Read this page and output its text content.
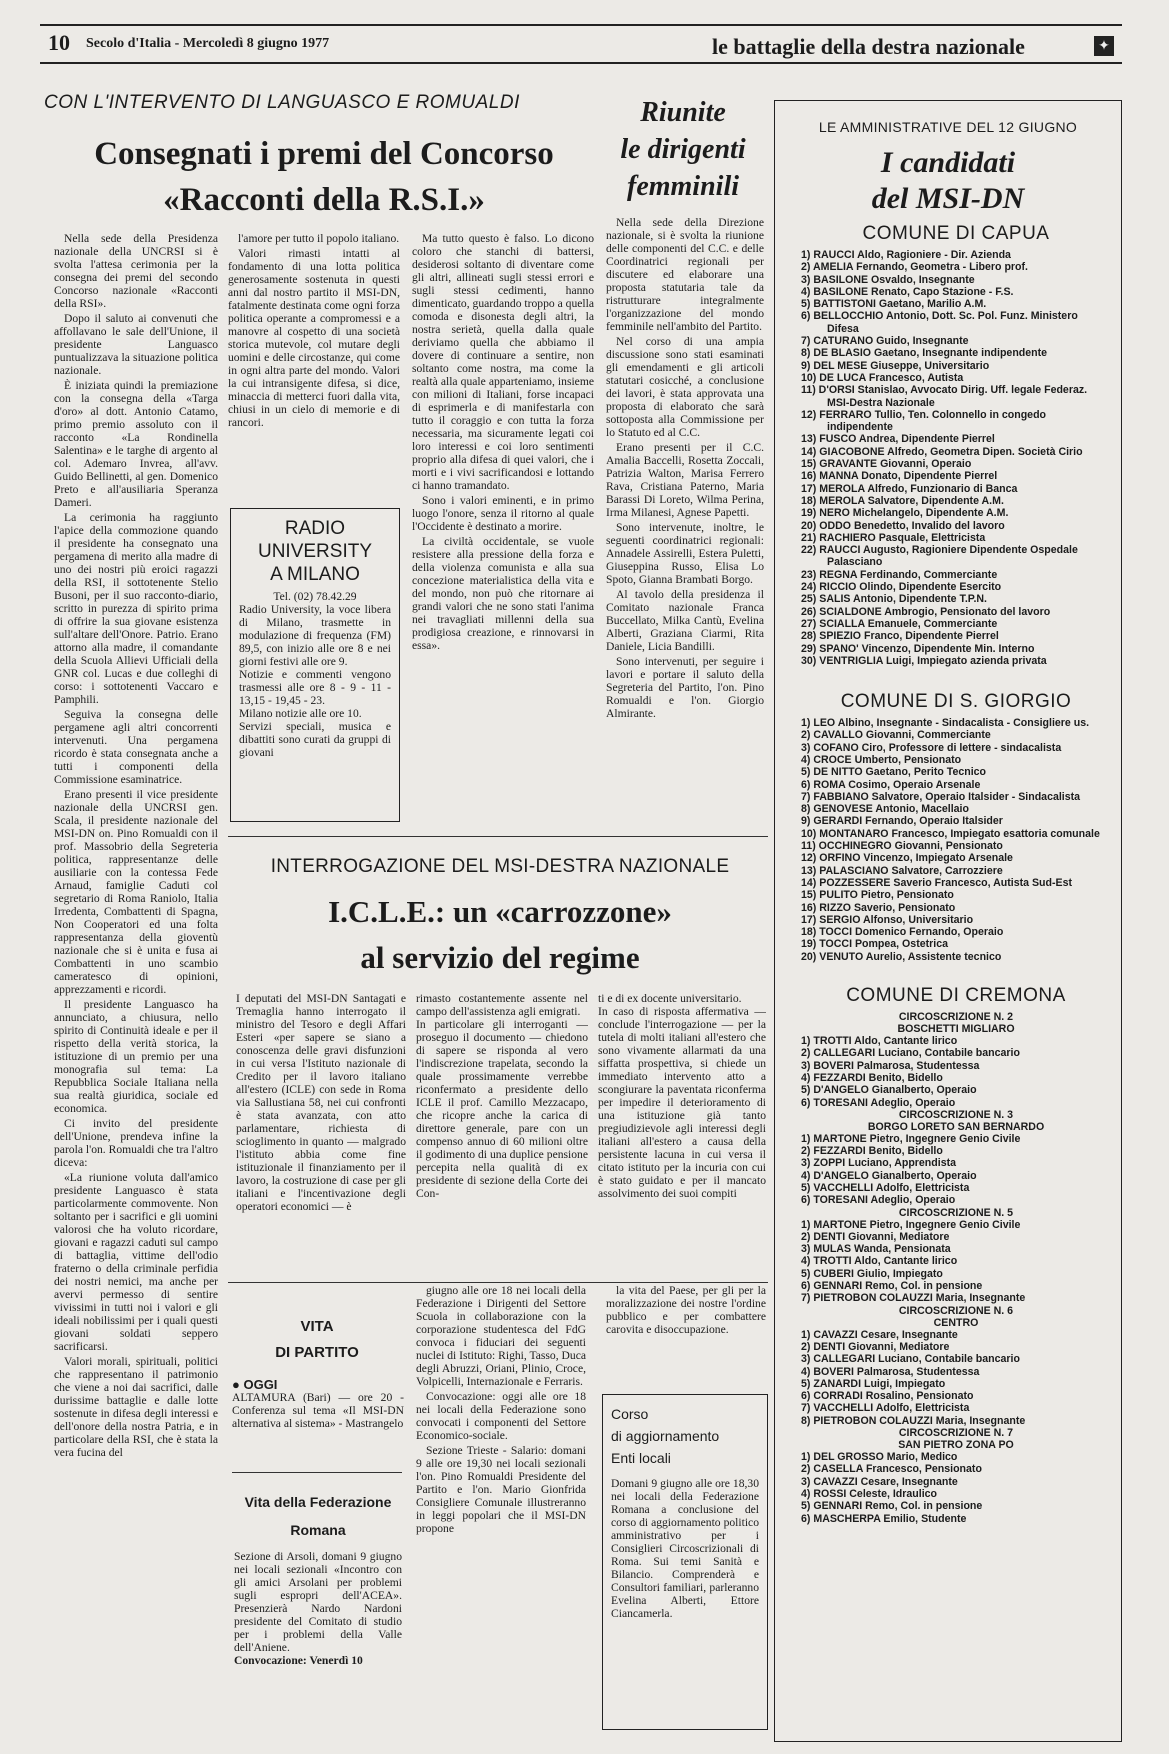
10 Secolo d'Italia - Mercoledì 8 giugno 1977	le battaglie della destra nazionale	✦
CON L'INTERVENTO DI LANGUASCO E ROMUALDI
Consegnati i premi del Concorso
«Racconti della R.S.I.»

Nella sede della Presidenza nazionale della UNCRSI si è svolta l'attesa cerimonia per la consegna dei premi del secondo Concorso nazionale «Racconti della RSI».

Dopo il saluto ai convenuti che affollavano le sale dell'Unione, il presidente Languasco puntualizzava la situazione politica nazionale.

È iniziata quindi la premiazione con la consegna della «Targa d'oro» al dott. Antonio Catamo, primo premio assoluto con il racconto «La Rondinella Salentina» e le targhe di argento al col. Ademaro Invrea, all'avv. Guido Bellinetti, al gen. Domenico Preto e all'ausiliaria Speranza Dameri.

La cerimonia ha raggiunto l'apice della commozione quando il presidente ha consegnato una pergamena di merito alla madre di uno dei nostri più eroici ragazzi della RSI, il sottotenente Stelio Busoni, per il suo racconto-diario, scritto in purezza di spirito prima di offrire la sua giovane esistenza sull'altare dell'Onore. Patrio. Erano attorno alla madre, il comandante della Scuola Allievi Ufficiali della GNR col. Lucas e due colleghi di corso: i sottotenenti Vaccaro e Pamphili.

Seguiva la consegna delle pergamene agli altri concorrenti intervenuti. Una pergamena ricordo è stata consegnata anche a tutti i componenti della Commissione esaminatrice.

Erano presenti il vice presidente nazionale della UNCRSI gen. Scala, il presidente nazionale del MSI-DN on. Pino Romualdi con il prof. Massobrio della Segreteria politica, rappresentanze delle ausiliarie con la contessa Fede Arnaud, famiglie Caduti col segretario di Roma Raniolo, Italia Irredenta, Combattenti di Spagna, Non Cooperatori ed una folta rappresentanza della gioventù nazionale che si è unita e fusa ai Combattenti in uno scambio cameratesco di opinioni, apprezzamenti e ricordi.

Il presidente Languasco ha annunciato, a chiusura, nello spirito di Continuità ideale e per il rispetto della verità storica, la istituzione di un premio per una monografia sul tema: La Repubblica Sociale Italiana nella sua realtà giuridica, sociale ed economica.

Ci invito del presidente dell'Unione, prendeva infine la parola l'on. Romualdi che tra l'altro diceva:

«La riunione voluta dall'amico presidente Languasco è stata particolarmente commovente. Non soltanto per i sacrifici e gli uomini valorosi che ha voluto ricordare, giovani e ragazzi caduti sul campo di battaglia, vittime dell'odio fraterno o della criminale perfidia dei nostri nemici, ma anche per avervi permesso di sentire vivissimi in tutti noi i valori e gli ideali nobilissimi per i quali questi giovani soldati seppero sacrificarsi.

Valori morali, spirituali, politici che rappresentano il patrimonio che viene a noi dai sacrifici, dalle durissime battaglie e dalle lotte sostenute in difesa degli interessi e dell'onore della nostra Patria, e in particolare della RSI, che è stata la vera fucina del

l'amore per tutto il popolo italiano.

Valori rimasti intatti al fondamento di una lotta politica generosamente sostenuta in questi anni dal nostro partito il MSI-DN, fatalmente destinata come ogni forza politica operante a compromessi e a manovre al cospetto di una società storica mutevole, col mutare degli uomini e delle circostanze, qui come in ogni altra parte del mondo. Valori la cui intransigente difesa, si dice, minaccia di metterci fuori dalla vita, chiusi in un cielo di memorie e di rancori.

Ma tutto questo è falso. Lo dicono coloro che stanchi di battersi, desiderosi soltanto di diventare come gli altri, allineati sugli stessi errori e sugli stessi cedimenti, hanno dimenticato, guardando troppo a quella comoda e disonesta degli altri, la nostra serietà, quella dalla quale deriviamo quella che abbiamo il dovere di continuare a sentire, non soltanto come nostra, ma come la realtà alla quale apparteniamo, insieme con milioni di Italiani, forse incapaci di esprimerla e di manifestarla con tutto il coraggio e con tutta la forza necessaria, ma sicuramente legati coi loro interessi e coi loro sentimenti proprio alla difesa di quei valori, che i morti e i vivi sacrificandosi e lottando ci hanno tramandato.

Sono i valori eminenti, e in primo luogo l'onore, senza il ritorno al quale l'Occidente è destinato a morire.

La civiltà occidentale, se vuole resistere alla pressione della forza e della violenza comunista e alla sua concezione materialistica della vita e del mondo, non può che ritornare ai grandi valori che ne sono stati l'anima nei travagliati millenni della sua prodigiosa creazione, e rinnovarsi in essa».

RADIO
UNIVERSITY
A MILANO
Tel. (02) 78.42.29
Radio University, la voce libera di Milano, trasmette in modulazione di frequenza (FM) 89,5, con inizio alle ore 8 e nei giorni festivi alle ore 9.
Notizie e commenti vengono trasmessi alle ore 8 - 9 - 11 - 13,15 - 19,45 - 23.
Milano notizie alle ore 10.
Servizi speciali, musica e dibattiti sono curati da gruppi di giovani
Riunite
le dirigenti
femminili

Nella sede della Direzione nazionale, si è svolta la riunione delle componenti del C.C. e delle Coordinatrici regionali per discutere ed elaborare una proposta statutaria tale da ristrutturare integralmente l'organizzazione del mondo femminile nell'ambito del Partito.

Nel corso di una ampia discussione sono stati esaminati gli emendamenti e gli articoli statutari cosicché, a conclusione dei lavori, è stata approvata una proposta di elaborato che sarà sottoposta alla Commissione per lo Statuto ed al C.C.

Erano presenti per il C.C. Amalia Baccelli, Rosetta Zoccali, Patrizia Walton, Marisa Ferrero Rava, Cristiana Paterno, Maria Barassi Di Loreto, Wilma Perina, Irma Milanesi, Agnese Papetti.

Sono intervenute, inoltre, le seguenti coordinatrici regionali: Annadele Assirelli, Estera Puletti, Giuseppina Russo, Elisa Lo Spoto, Gianna Brambati Borgo.

Al tavolo della presidenza il Comitato nazionale Franca Buccellato, Milka Cantù, Evelina Alberti, Graziana Ciarmi, Rita Daniele, Licia Bandilli.

Sono intervenuti, per seguire i lavori e portare il saluto della Segreteria del Partito, l'on. Pino Romualdi e l'on. Giorgio Almirante.

INTERROGAZIONE DEL MSI-DESTRA NAZIONALE
I.C.L.E.: un «carrozzone»
al servizio del regime
I deputati del MSI-DN Santagati e Tremaglia hanno interrogato il ministro del Tesoro e degli Affari Esteri «per sapere se siano a conoscenza delle gravi disfunzioni in cui versa l'Istituto nazionale di Credito per il lavoro italiano all'estero (ICLE) con sede in Roma via Sallustiana 58, nei cui confronti è stata avanzata, con atto parlamentare, richiesta di scioglimento in quanto — malgrado l'istituto abbia come fine istituzionale il finanziamento per il lavoro, la costruzione di case per gli italiani e l'incentivazione degli operatori economici — è
rimasto costantemente assente nel campo dell'assistenza agli emigrati.
In particolare gli interroganti — proseguo il documento — chiedono di sapere se risponda al vero l'indiscrezione trapelata, secondo la quale prossimamente verrebbe riconfermato a presidente dello ICLE il prof. Camillo Mezzacapo, che ricopre anche la carica di direttore generale, pare con un compenso annuo di 60 milioni oltre il godimento di una duplice pensione percepita nella qualità di ex presidente di sezione della Corte dei Con-
ti e di ex docente universitario.
In caso di risposta affermativa — conclude l'interrogazione — per la tutela di molti italiani all'estero che sono vivamente allarmati da una siffatta prospettiva, si chiede un immediato intervento atto a scongiurare la paventata riconferma per impedire il deterioramento di una istituzione già tanto pregiudizievole agli interessi degli italiani all'estero a causa della persistente lacuna in cui versa il citato istituto per la incuria con cui è stato guidato e per il mancato assolvimento dei suoi compiti
VITA
DI PARTITO
● OGGI
ALTAMURA (Bari) — ore 20 - Conferenza sul tema «Il MSI-DN alternativa al sistema» - Mastrangelo
Vita della Federazione
Romana
Sezione di Arsoli, domani 9 giugno nei locali sezionali «Incontro con gli amici Arsolani per problemi sugli espropri dell'ACEA». Presenzierà Nardo Nardoni presidente del Comitato di studio per i problemi della Valle dell'Aniene.
Convocazione: Venerdì 10

giugno alle ore 18 nei locali della Federazione i Dirigenti del Settore Scuola in collaborazione con la corporazione studentesca del FdG convoca i fiduciari dei seguenti nuclei di Istituto: Righi, Tasso, Duca degli Abruzzi, Oriani, Plinio, Croce, Volpicelli, Internazionale e Ferraris.

Convocazione: oggi alle ore 18 nei locali della Federazione sono convocati i componenti del Settore Economico-sociale.

Sezione Trieste - Salario: domani 9 alle ore 19,30 nei locali sezionali l'on. Pino Romualdi Presidente del Partito e l'on. Mario Gionfrida Consigliere Comunale illustreranno in leggi popolari che il MSI-DN propone

la vita del Paese, per gli per la moralizzazione dei nostre l'ordine pubblico e per combattere carovita e disoccupazione.

Corso
di aggiornamento
Enti locali
Domani 9 giugno alle ore 18,30 nei locali della Federazione Romana a conclusione del corso di aggiornamento politico amministrativo per i Consiglieri Circoscrizionali di Roma. Sui temi Sanità e Bilancio. Comprenderà e Consultori familiari, parleranno Evelina Alberti, Ettore Ciancamerla.
LE AMMINISTRATIVE DEL 12 GIUGNO
I candidati
del MSI-DN
COMUNE DI CAPUA
1) RAUCCI Aldo, Ragioniere - Dir. Azienda
2) AMELIA Fernando, Geometra - Libero prof.
3) BASILONE Osvaldo, Insegnante
4) BASILONE Renato, Capo Stazione - F.S.
5) BATTISTONI Gaetano, Marilio A.M.
6) BELLOCCHIO Antonio, Dott. Sc. Pol. Funz. Ministero Difesa
7) CATURANO Guido, Insegnante
8) DE BLASIO Gaetano, Insegnante indipendente
9) DEL MESE Giuseppe, Universitario
10) DE LUCA Francesco, Autista
11) D'ORSI Stanislao, Avvocato Dirig. Uff. legale Federaz. MSI-Destra Nazionale
12) FERRARO Tullio, Ten. Colonnello in congedo indipendente
13) FUSCO Andrea, Dipendente Pierrel
14) GIACOBONE Alfredo, Geometra Dipen. Società Cirio
15) GRAVANTE Giovanni, Operaio
16) MANNA Donato, Dipendente Pierrel
17) MEROLA Alfredo, Funzionario di Banca
18) MEROLA Salvatore, Dipendente A.M.
19) NERO Michelangelo, Dipendente A.M.
20) ODDO Benedetto, Invalido del lavoro
21) RACHIERO Pasquale, Elettricista
22) RAUCCI Augusto, Ragioniere Dipendente Ospedale Palasciano
23) REGNA Ferdinando, Commerciante
24) RICCIO Olindo, Dipendente Esercito
25) SALIS Antonio, Dipendente T.P.N.
26) SCIALDONE Ambrogio, Pensionato del lavoro
27) SCIALLA Emanuele, Commerciante
28) SPIEZIO Franco, Dipendente Pierrel
29) SPANO' Vincenzo, Dipendente Min. Interno
30) VENTRIGLIA Luigi, Impiegato azienda privata
COMUNE DI S. GIORGIO
1) LEO Albino, Insegnante - Sindacalista - Consigliere us.
2) CAVALLO Giovanni, Commerciante
3) COFANO Ciro, Professore di lettere - sindacalista
4) CROCE Umberto, Pensionato
5) DE NITTO Gaetano, Perito Tecnico
6) ROMA Cosimo, Operaio Arsenale
7) FABBIANO Salvatore, Operaio Italsider - Sindacalista
8) GENOVESE Antonio, Macellaio
9) GERARDI Fernando, Operaio Italsider
10) MONTANARO Francesco, Impiegato esattoria comunale
11) OCCHINEGRO Giovanni, Pensionato
12) ORFINO Vincenzo, Impiegato Arsenale
13) PALASCIANO Salvatore, Carrozziere
14) POZZESSERE Saverio Francesco, Autista Sud-Est
15) PULITO Pietro, Pensionato
16) RIZZO Saverio, Pensionato
17) SERGIO Alfonso, Universitario
18) TOCCI Domenico Fernando, Operaio
19) TOCCI Pompea, Ostetrica
20) VENUTO Aurelio, Assistente tecnico
COMUNE DI CREMONA
CIRCOSCRIZIONE N. 2
BOSCHETTI MIGLIARO
1) TROTTI Aldo, Cantante lirico
2) CALLEGARI Luciano, Contabile bancario
3) BOVERI Palmarosa, Studentessa
4) FEZZARDI Benito, Bidello
5) D'ANGELO Gianalberto, Operaio
6) TORESANI Adeglio, Operaio
CIRCOSCRIZIONE N. 3
BORGO LORETO SAN BERNARDO
1) MARTONE Pietro, Ingegnere Genio Civile
2) FEZZARDI Benito, Bidello
3) ZOPPI Luciano, Apprendista
4) D'ANGELO Gianalberto, Operaio
5) VACCHELLI Adolfo, Elettricista
6) TORESANI Adeglio, Operaio
CIRCOSCRIZIONE N. 5
1) MARTONE Pietro, Ingegnere Genio Civile
2) DENTI Giovanni, Mediatore
3) MULAS Wanda, Pensionata
4) TROTTI Aldo, Cantante lirico
5) CUBERI Giulio, Impiegato
6) GENNARI Remo, Col. in pensione
7) PIETROBON COLAUZZI Maria, Insegnante
CIRCOSCRIZIONE N. 6
CENTRO
1) CAVAZZI Cesare, Insegnante
2) DENTI Giovanni, Mediatore
3) CALLEGARI Luciano, Contabile bancario
4) BOVERI Palmarosa, Studentessa
5) ZANARDI Luigi, Impiegato
6) CORRADI Rosalino, Pensionato
7) VACCHELLI Adolfo, Elettricista
8) PIETROBON COLAUZZI Maria, Insegnante
CIRCOSCRIZIONE N. 7
SAN PIETRO ZONA PO
1) DEL GROSSO Mario, Medico
2) CASELLA Francesco, Pensionato
3) CAVAZZI Cesare, Insegnante
4) ROSSI Celeste, Idraulico
5) GENNARI Remo, Col. in pensione
6) MASCHERPA Emilio, Studente
